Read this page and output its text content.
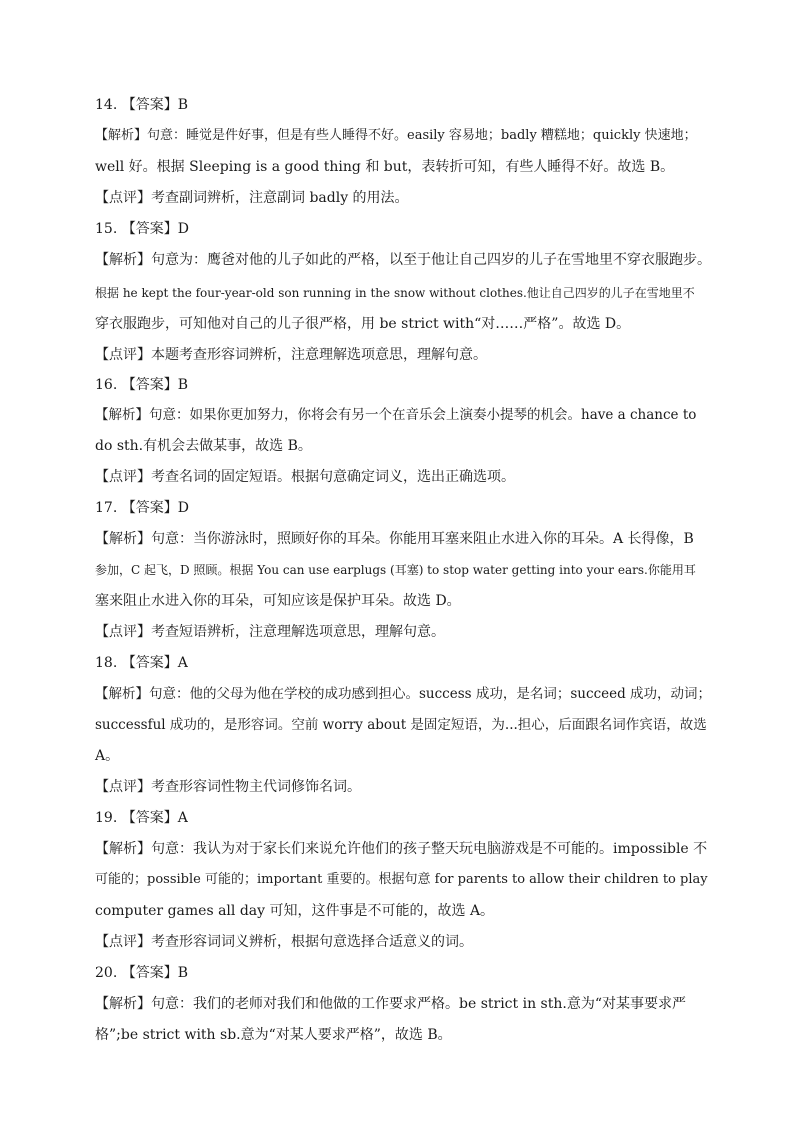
14. 【答案】B
【解析】句意：睡觉是件好事，但是有些人睡得不好。easily 容易地；badly 糟糕地；quickly 快速地；
well 好。根据 Sleeping is a good thing 和 but，表转折可知，有些人睡得不好。故选 B。
【点评】考查副词辨析，注意副词 badly 的用法。
15. 【答案】D
【解析】句意为：鹰爸对他的儿子如此的严格，以至于他让自己四岁的儿子在雪地里不穿衣服跑步。
根据 he kept the four-year-old son running in the snow without clothes.他让自己四岁的儿子在雪地里不
穿衣服跑步，可知他对自己的儿子很严格，用 be strict with“对……严格”。故选 D。
【点评】本题考查形容词辨析，注意理解选项意思，理解句意。
16. 【答案】B
【解析】句意：如果你更加努力，你将会有另一个在音乐会上演奏小提琴的机会。have a chance to
do sth.有机会去做某事，故选 B。
【点评】考查名词的固定短语。根据句意确定词义，选出正确选项。
17. 【答案】D
【解析】句意：当你游泳时，照顾好你的耳朵。你能用耳塞来阻止水进入你的耳朵。A 长得像，B
参加，C 起飞，D 照顾。根据 You can use earplugs (耳塞) to stop water getting into your ears.你能用耳
塞来阻止水进入你的耳朵，可知应该是保护耳朵。故选 D。
【点评】考查短语辨析，注意理解选项意思，理解句意。
18. 【答案】A
【解析】句意：他的父母为他在学校的成功感到担心。success 成功，是名词；succeed 成功，动词；
successful 成功的，是形容词。空前 worry about 是固定短语，为...担心，后面跟名词作宾语，故选
A。
【点评】考查形容词性物主代词修饰名词。
19. 【答案】A
【解析】句意：我认为对于家长们来说允许他们的孩子整天玩电脑游戏是不可能的。impossible 不
可能的；possible 可能的；important 重要的。根据句意 for parents to allow their children to play
computer games all day 可知，这件事是不可能的，故选 A。
【点评】考查形容词词义辨析，根据句意选择合适意义的词。
20. 【答案】B
【解析】句意：我们的老师对我们和他做的工作要求严格。be strict in sth.意为“对某事要求严
格”;be strict with sb.意为“对某人要求严格”，故选 B。
